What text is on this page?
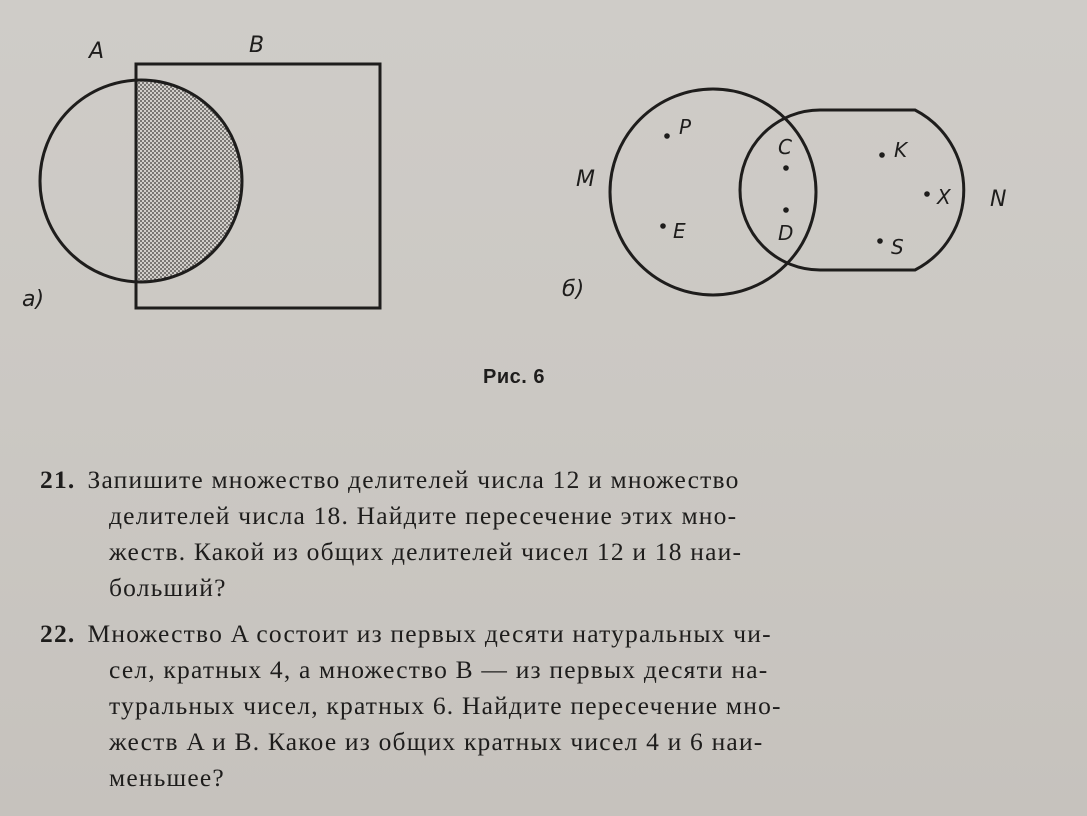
A	B
а)
M
N
P
E
C
D
K
X
S
б)
Рис. 6
21. Запишите множество делителей числа 12 и множество
делителей числа 18. Найдите пересечение этих мно-
жеств. Какой из общих делителей чисел 12 и 18 наи-
больший?
22. Множество A состоит из первых десяти натуральных чи-
сел, кратных 4, а множество B — из первых десяти на-
туральных чисел, кратных 6. Найдите пересечение мно-
жеств A и B. Какое из общих кратных чисел 4 и 6 наи-
меньшее?
